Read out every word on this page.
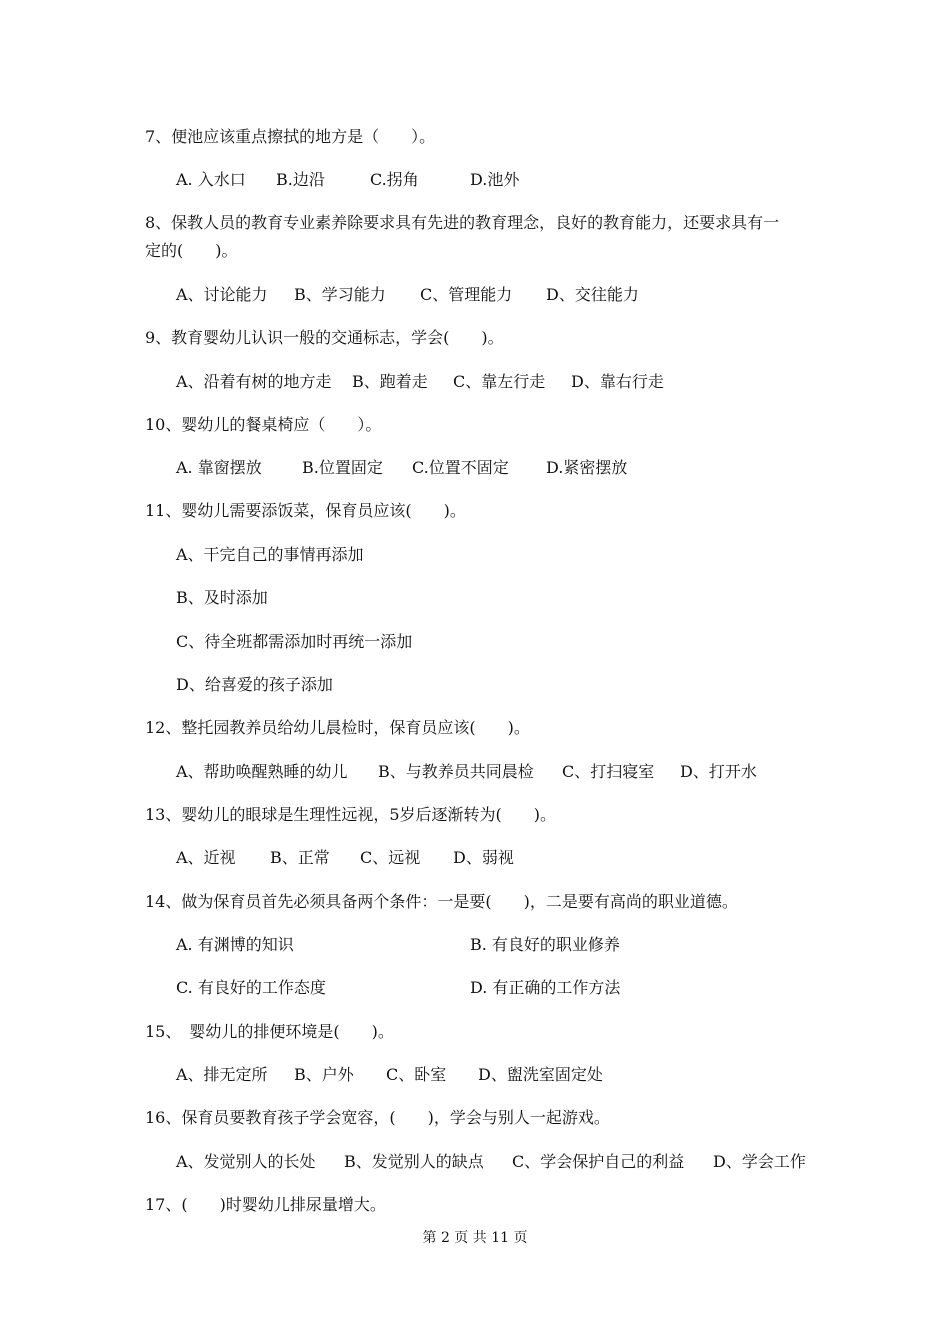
7、便池应该重点擦拭的地方是（　　）。

A. 入水口

B.边沿

	C.拐角

	D.池外

8、保教人员的教育专业素养除要求具有先进的教育理念，良好的教育能力，还要求具有一
定的(　　)。

A、讨论能力

B、学习能力

C、管理能力

D、交往能力

9、教育婴幼儿认识一般的交通标志，学会(　　)。

A、沿着有树的地方走

B、跑着走

C、靠左行走

D、靠右行走

10、婴幼儿的餐桌椅应（　　）。

A. 靠窗摆放

	B.位置固定

C.位置不固定

D.紧密摆放

11、婴幼儿需要添饭菜，保育员应该(　　)。
A、干完自己的事情再添加
B、及时添加
C、待全班都需添加时再统一添加
D、给喜爱的孩子添加
12、整托园教养员给幼儿晨检时，保育员应该(　　)。

A、帮助唤醒熟睡的幼儿

B、与教养员共同晨检

C、打扫寝室

D、打开水

13、婴幼儿的眼球是生理性远视，5岁后逐渐转为(　　)。

A、近视

B、正常

C、远视

D、弱视

14、做为保育员首先必须具备两个条件：一是要(　　)，二是要有高尚的职业道德。

A. 有渊博的知识

	B. 有良好的职业修养

C. 有良好的工作态度

	D. 有正确的工作方法

15、　婴幼儿的排便环境是(　　)。

A、排无定所

B、户外

C、卧室

D、盥洗室固定处

16、保育员要教育孩子学会宽容，(　　)，学会与别人一起游戏。

A、发觉别人的长处

B、发觉别人的缺点

C、学会保护自己的利益

D、学会工作

17、(　　)时婴幼儿排尿量增大。
第 2 页 共 11 页
